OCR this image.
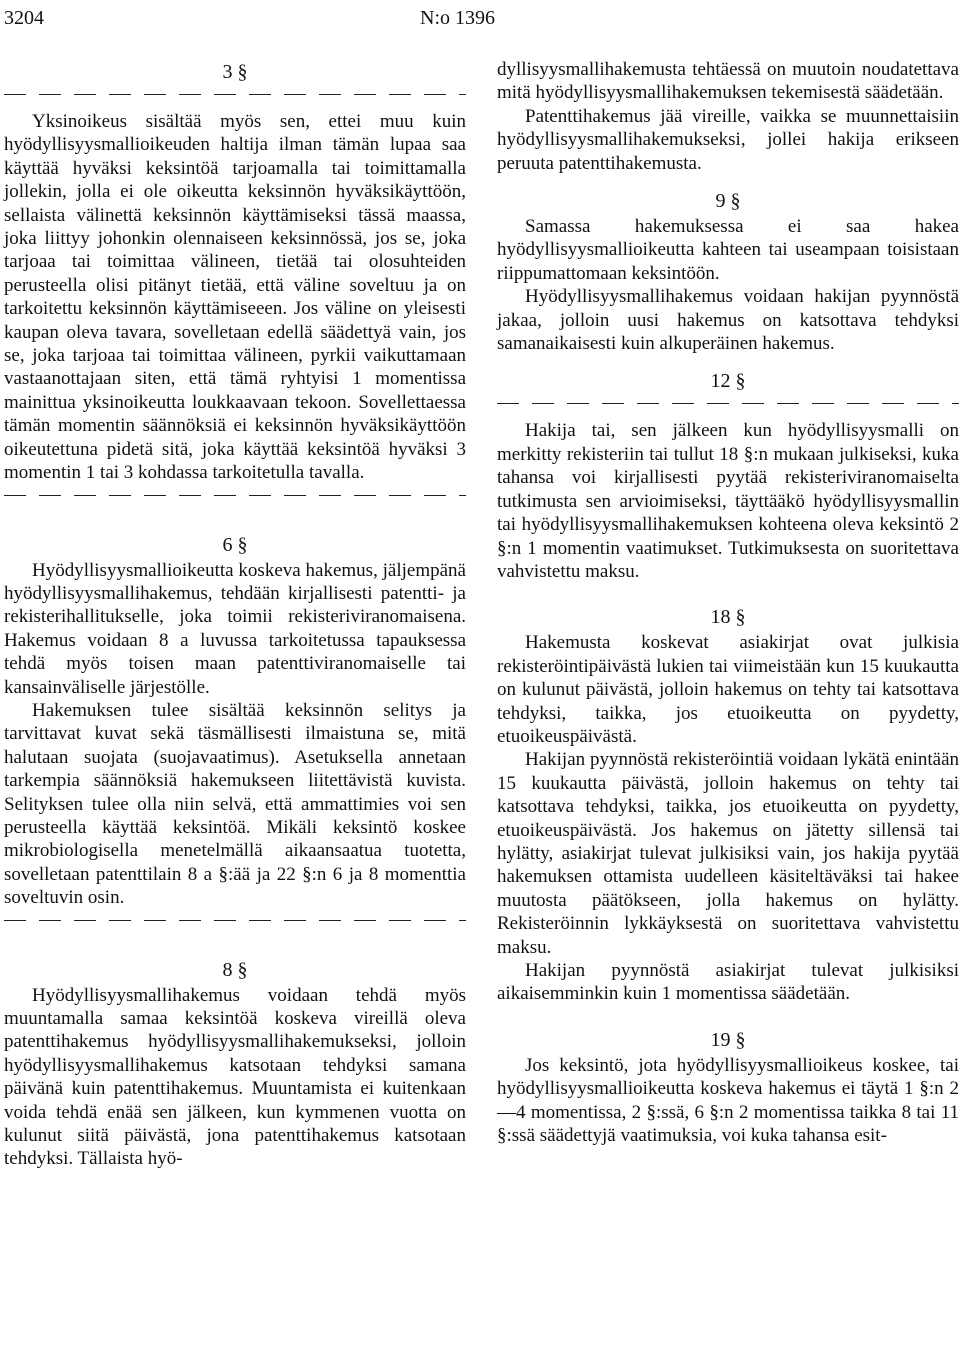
3204	N:o 1396
3 §

Yksinoikeus sisältää myös sen, ettei muu kuin hyödyllisyysmallioikeuden haltija ilman tämän lupaa saa käyttää hyväksi keksintöä tarjoamalla tai toimittamalla jollekin, jolla ei ole oikeutta keksinnön hyväksikäyttöön, sellaista välinettä keksinnön käyttämiseksi tässä maassa, joka liittyy johonkin olennaiseen keksinnössä, jos se, joka tarjoaa tai toimittaa välineen, tietää tai olosuhteiden perusteella olisi pitänyt tietää, että väline soveltuu ja on tarkoitettu keksinnön käyttämiseeen. Jos väline on yleisesti kaupan oleva tavara, sovelletaan edellä säädettyä vain, jos se, joka tarjoaa tai toimittaa välineen, pyrkii vaikuttamaan vastaanottajaan siten, että tämä ryhtyisi 1 momentissa mainittua yksinoikeutta loukkaavaan tekoon. Sovellettaessa tämän momentin säännöksiä ei keksinnön hyväksikäyttöön oikeutettuna pidetä sitä, joka käyttää keksintöä hyväksi 3 momentin 1 tai 3 kohdassa tarkoitetulla tavalla.

6 §

Hyödyllisyysmallioikeutta koskeva hakemus, jäljempänä hyödyllisyysmallihakemus, tehdään kirjallisesti patentti- ja rekisterihallitukselle, joka toimii rekisteriviranomaisena. Hakemus voidaan 8 a luvussa tarkoitetussa tapauksessa tehdä myös toisen maan patenttiviranomaiselle tai kansainväliselle järjestölle.

Hakemuksen tulee sisältää keksinnön selitys ja tarvittavat kuvat sekä täsmällisesti ilmaistuna se, mitä halutaan suojata (suojavaatimus). Asetuksella annetaan tarkempia säännöksiä hakemukseen liitettävistä kuvista. Selityksen tulee olla niin selvä, että ammattimies voi sen perusteella käyttää keksintöä. Mikäli keksintö koskee mikrobiologisella menetelmällä aikaansaatua tuotetta, sovelletaan patenttilain 8 a §:ää ja 22 §:n 6 ja 8 momenttia soveltuvin osin.

8 §

Hyödyllisyysmallihakemus voidaan tehdä myös muuntamalla samaa keksintöä koskeva vireillä oleva patenttihakemus hyödyllisyysmallihakemukseksi, jolloin hyödyllisyysmallihakemus katsotaan tehdyksi samana päivänä kuin patenttihakemus. Muuntamista ei kuitenkaan voida tehdä enää sen jälkeen, kun kymmenen vuotta on kulunut siitä päivästä, jona patenttihakemus katsotaan tehdyksi. Tällaista hyö-

dyllisyysmallihakemusta tehtäessä on muutoin noudatettava mitä hyödyllisyysmallihakemuksen tekemisestä säädetään.

Patenttihakemus jää vireille, vaikka se muunnettaisiin hyödyllisyysmallihakemukseksi, jollei hakija erikseen peruuta patenttihakemusta.

9 §

Samassa hakemuksessa ei saa hakea hyödyllisyysmallioikeutta kahteen tai useampaan toisistaan riippumattomaan keksintöön.

Hyödyllisyysmallihakemus voidaan hakijan pyynnöstä jakaa, jolloin uusi hakemus on katsottava tehdyksi samanaikaisesti kuin alkuperäinen hakemus.

12 §

Hakija tai, sen jälkeen kun hyödyllisyysmalli on merkitty rekisteriin tai tullut 18 §:n mukaan julkiseksi, kuka tahansa voi kirjallisesti pyytää rekisteriviranomaiselta tutkimusta sen arvioimiseksi, täyttääkö hyödyllisyysmallin tai hyödyllisyysmallihakemuksen kohteena oleva keksintö 2 §:n 1 momentin vaatimukset. Tutkimuksesta on suoritettava vahvistettu maksu.

18 §

Hakemusta koskevat asiakirjat ovat julkisia rekisteröintipäivästä lukien tai viimeistään kun 15 kuukautta on kulunut päivästä, jolloin hakemus on tehty tai katsottava tehdyksi, taikka, jos etuoikeutta on pyydetty, etuoikeuspäivästä.

Hakijan pyynnöstä rekisteröintiä voidaan lykätä enintään 15 kuukautta päivästä, jolloin hakemus on tehty tai katsottava tehdyksi, taikka, jos etuoikeutta on pyydetty, etuoikeuspäivästä. Jos hakemus on jätetty sillensä tai hylätty, asiakirjat tulevat julkisiksi vain, jos hakija pyytää hakemuksen ottamista uudelleen käsiteltäväksi tai hakee muutosta päätökseen, jolla hakemus on hylätty. Rekisteröinnin lykkäyksestä on suoritettava vahvistettu maksu.

Hakijan pyynnöstä asiakirjat tulevat julkisiksi aikaisemminkin kuin 1 momentissa säädetään.

19 §

Jos keksintö, jota hyödyllisyysmallioikeus koskee, tai hyödyllisyysmallioikeutta koskeva hakemus ei täytä 1 §:n 2—4 momentissa, 2 §:ssä, 6 §:n 2 momentissa taikka 8 tai 11 §:ssä säädettyjä vaatimuksia, voi kuka tahansa esit-
